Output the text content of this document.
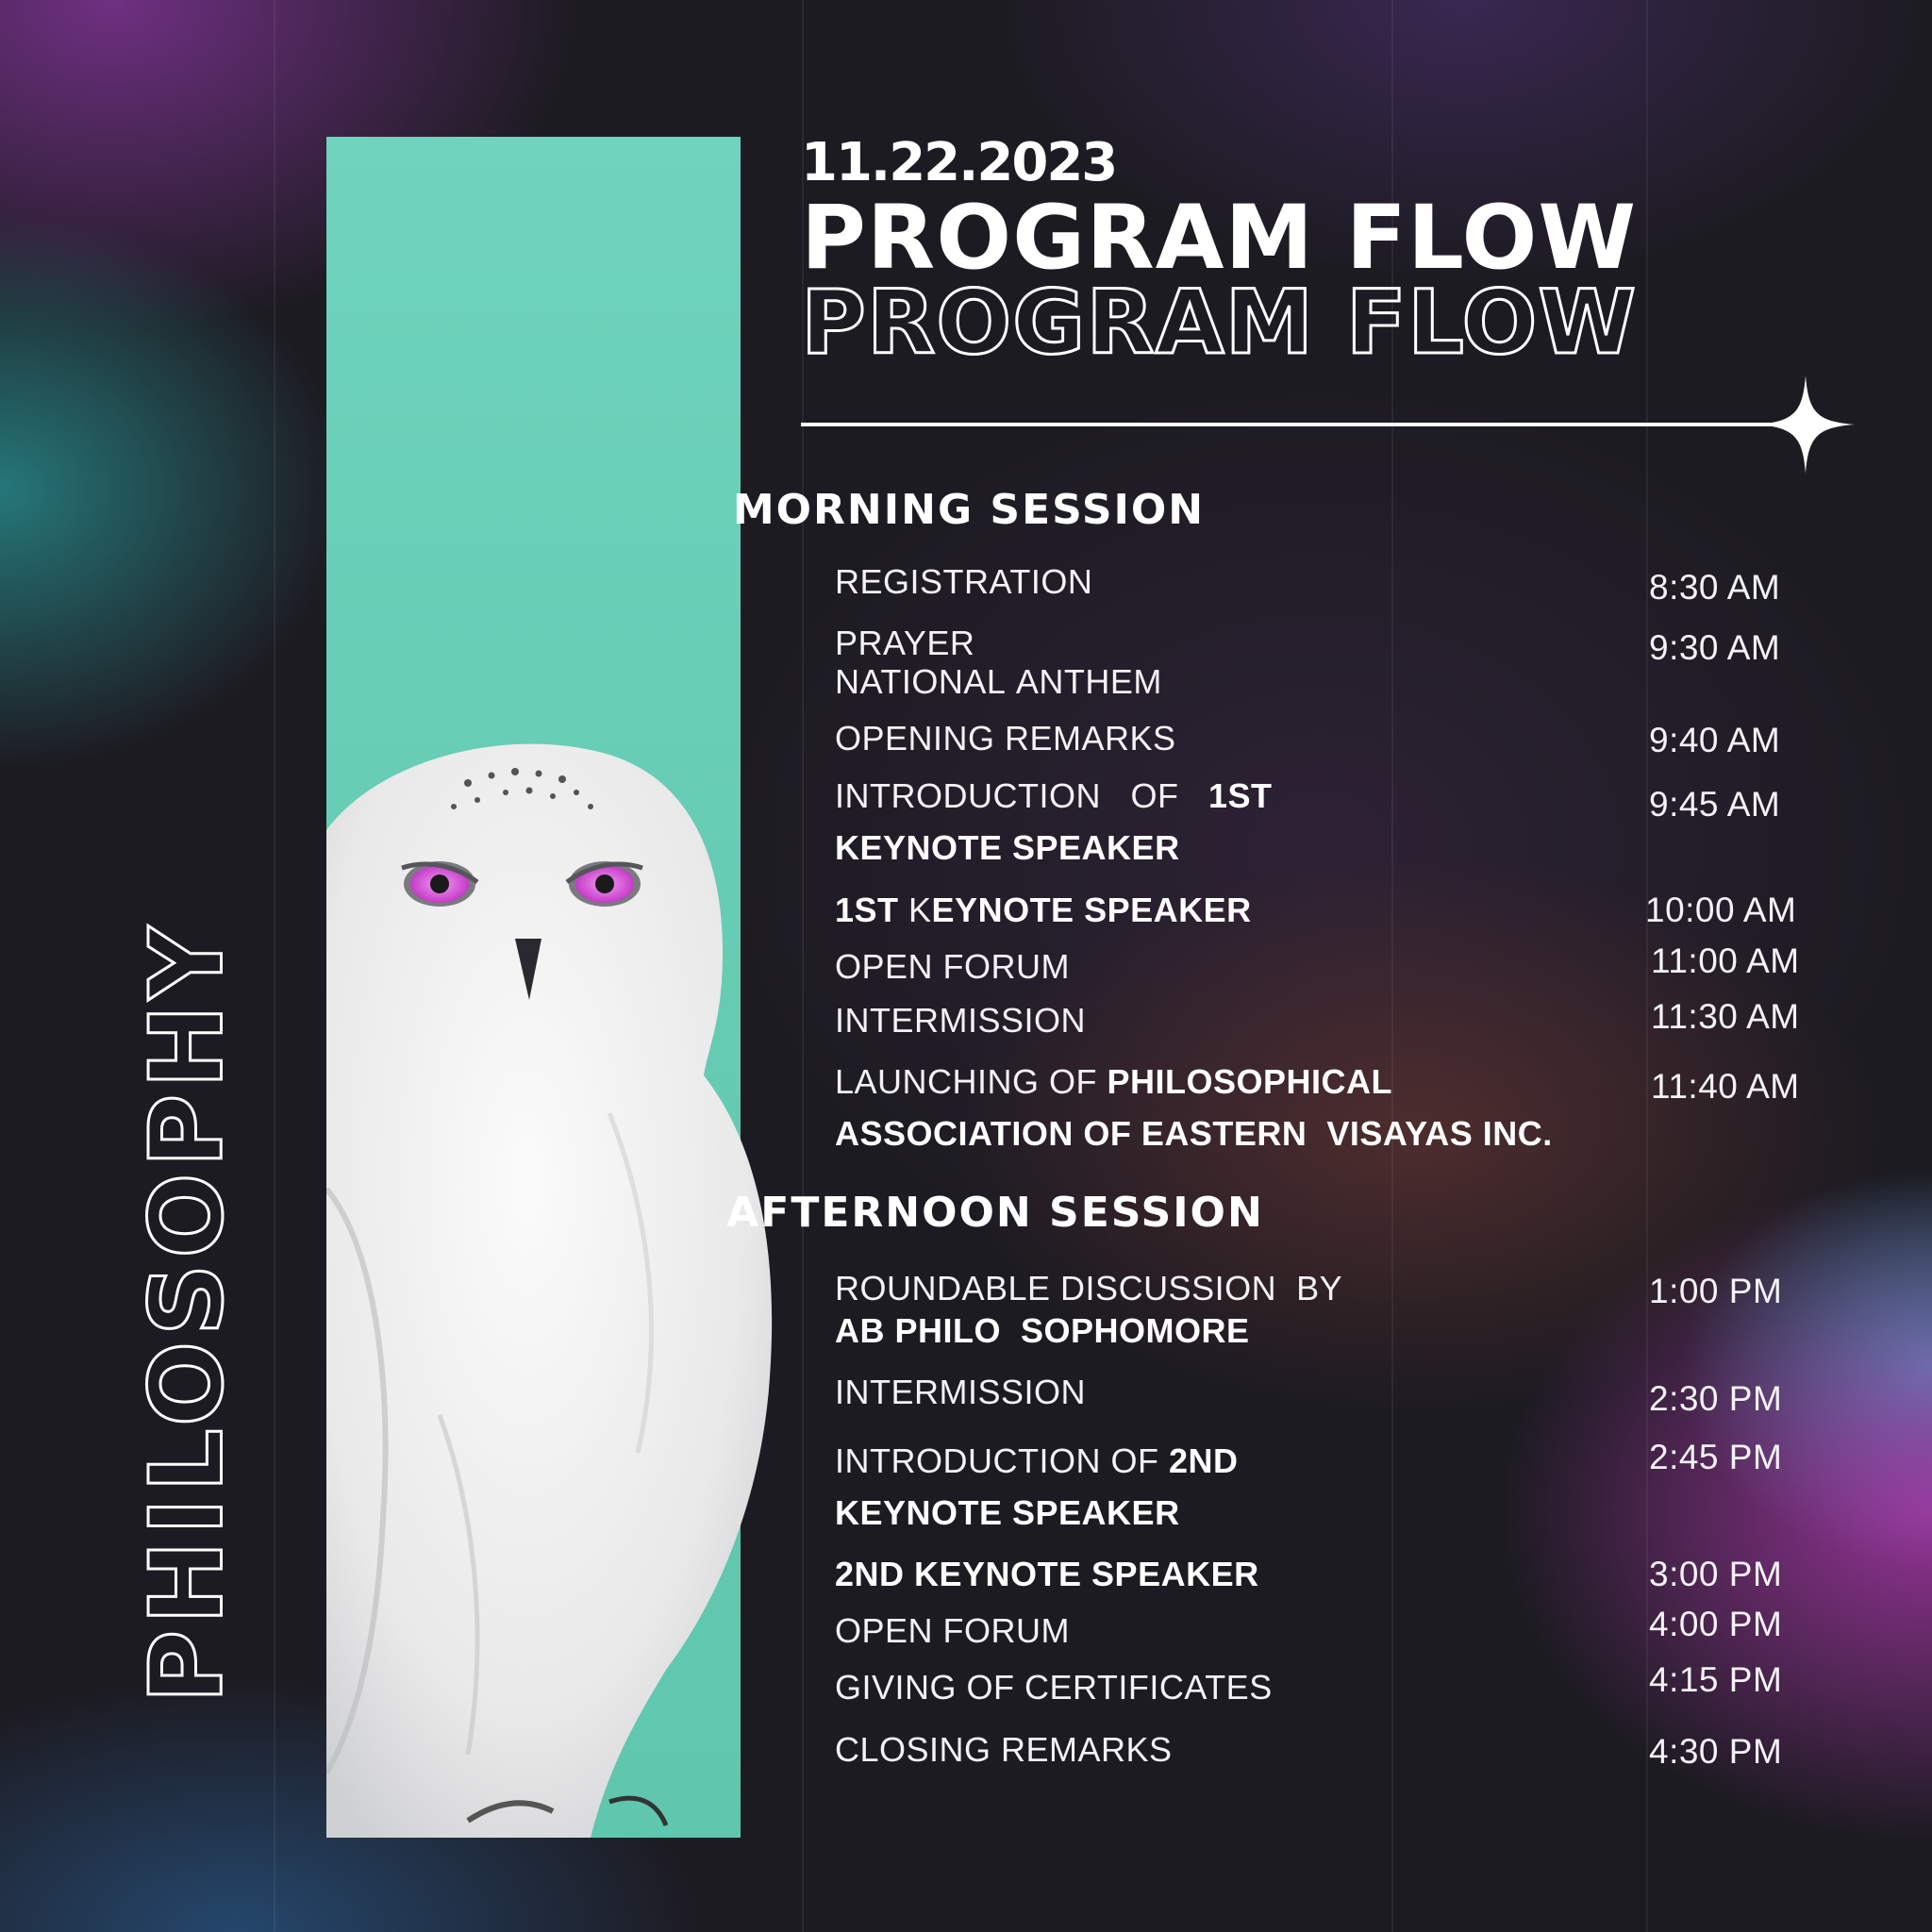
PHILOSOPHY
11.22.2023
PROGRAM FLOW
PROGRAM FLOW
MORNING SESSION
AFTERNOON SESSION
REGISTRATION	8:30 AM
PRAYER
NATIONAL ANTHEM
9:30 AM
OPENING REMARKS	9:40 AM
INTRODUCTION   OF   1ST
KEYNOTE SPEAKER
9:45 AM
1ST KEYNOTE SPEAKER	10:00 AM
OPEN FORUM	11:00 AM
INTERMISSION	11:30 AM
LAUNCHING OF PHILOSOPHICAL
ASSOCIATION OF EASTERN  VISAYAS INC.
11:40 AM
ROUNDABLE DISCUSSION  BY
AB PHILO  SOPHOMORE
1:00 PM
INTERMISSION	2:30 PM
INTRODUCTION OF 2ND
KEYNOTE SPEAKER
2:45 PM
2ND KEYNOTE SPEAKER	3:00 PM
OPEN FORUM	4:00 PM
GIVING OF CERTIFICATES	4:15 PM
CLOSING REMARKS	4:30 PM
